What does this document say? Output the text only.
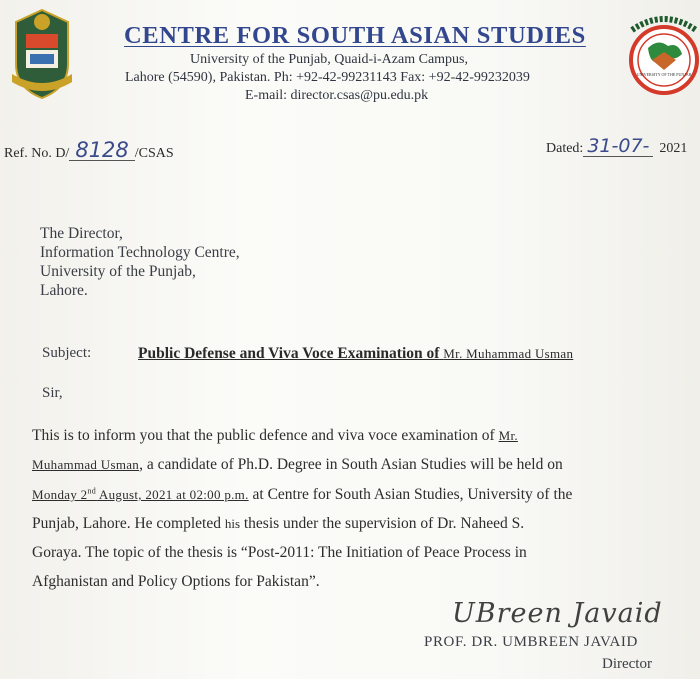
CENTRE FOR SOUTH ASIAN STUDIES
University of the Punjab, Quaid-i-Azam Campus,
Lahore (54590), Pakistan. Ph: +92-42-99231143 Fax: +92-42-99232039
E-mail: director.csas@pu.edu.pk
UNIVERSITY OF THE PUNJAB
Ref. No. D/ 8128 /CSAS	Dated: 31-07- 2021
The Director,
Information Technology Centre,
University of the Punjab,
Lahore.
Subject:	Public Defense and Viva Voce Examination of Mr. Muhammad Usman
Sir,
This is to inform you that the public defence and viva voce examination of Mr.
Muhammad Usman, a candidate of Ph.D. Degree in South Asian Studies will be held on
Monday 2nd August, 2021 at 02:00 p.m. at Centre for South Asian Studies, University of the
Punjab, Lahore. He completed his thesis under the supervision of Dr. Naheed S.
Goraya. The topic of the thesis is “Post-2011: The Initiation of Peace Process in
Afghanistan and Policy Options for Pakistan”.
UBreen Javaid
PROF. DR. UMBREEN JAVAID
Director
